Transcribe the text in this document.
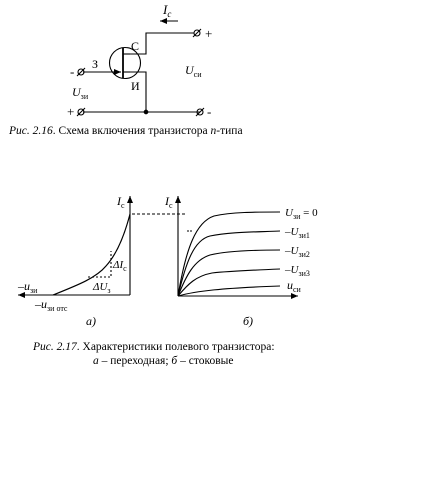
$I_c$
С
З
И
+
-
-
+
$U_{си}$
$U_{зи}$
$I_c$
$-u_{зи}$
$-u_{зи отс}$
$\Delta I_c$
$\Delta U_з$
а)
$I_c$
$u_{си}$
$U_{зи} = 0$
$-U_{зи1}$
$-U_{зи2}$
$-U_{зи3}$
б)
Рис. 2.16. Схема включения транзистора n-типа
Рис. 2.17. Характеристики полевого транзистора:
а – переходная; б – стоковые
